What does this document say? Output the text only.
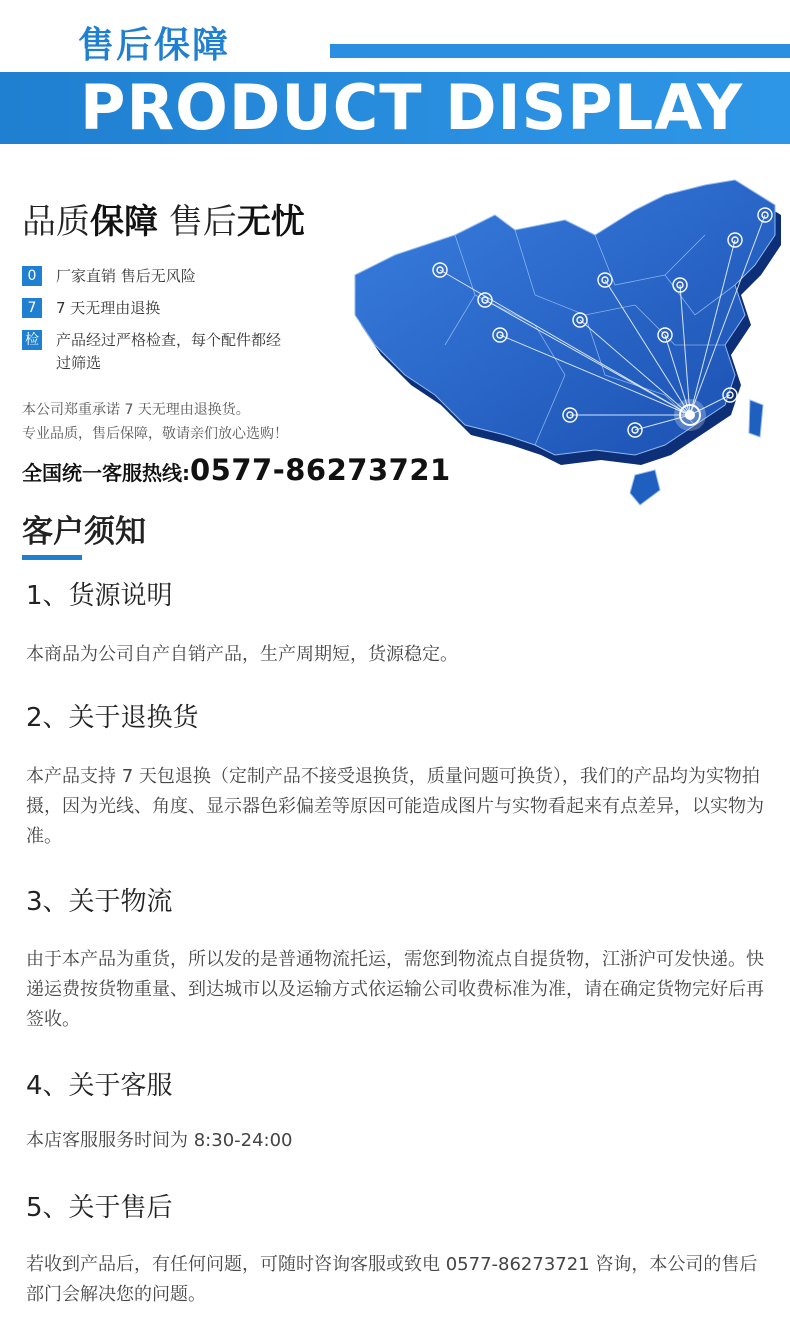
售后保障
PRODUCT DISPLAY
品质保障 售后无忧
0	厂家直销 售后无风险
7	7 天无理由退换
检 产品经过严格检查，每个配件都经过筛选
本公司郑重承诺 7 天无理由退换货。
专业品质，售后保障，敬请亲们放心选购！
全国统一客服热线:0577-86273721
客户须知
1、货源说明
本商品为公司自产自销产品，生产周期短，货源稳定。
2、关于退换货
本产品支持 7 天包退换（定制产品不接受退换货，质量问题可换货），我们的产品均为实物拍摄，因为光线、角度、显示器色彩偏差等原因可能造成图片与实物看起来有点差异，以实物为准。
3、关于物流
由于本产品为重货，所以发的是普通物流托运，需您到物流点自提货物，江浙沪可发快递。快递运费按货物重量、到达城市以及运输方式依运输公司收费标准为准，请在确定货物完好后再签收。
4、关于客服
本店客服服务时间为 8:30-24:00
5、关于售后
若收到产品后，有任何问题，可随时咨询客服或致电 0577-86273721 咨询，本公司的售后部门会解决您的问题。
